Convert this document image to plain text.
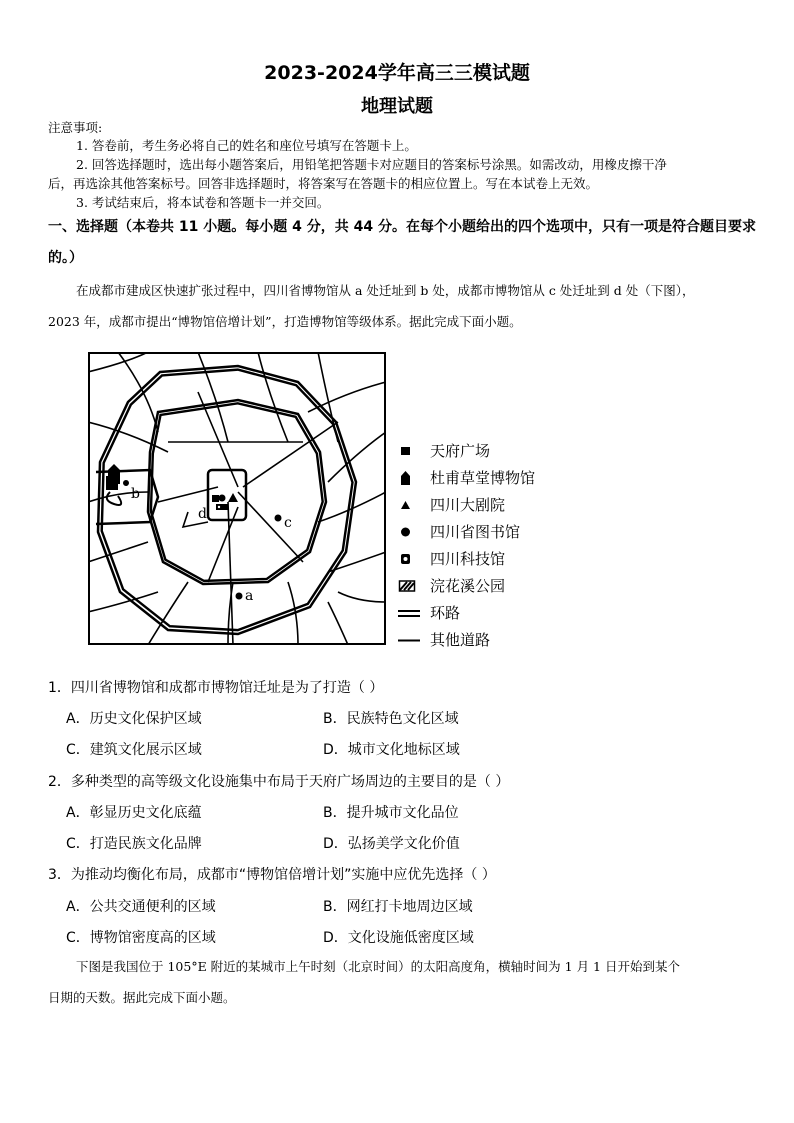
2023-2024学年高三三模试题
地理试题
注意事项:
1. 答卷前，考生务必将自己的姓名和座位号填写在答题卡上。
2. 回答选择题时，选出每小题答案后，用铅笔把答题卡对应题目的答案标号涂黑。如需改动，用橡皮擦干净
后，再选涂其他答案标号。回答非选择题时，将答案写在答题卡的相应位置上。写在本试卷上无效。
3. 考试结束后，将本试卷和答题卡一并交回。
一、选择题（本卷共 11 小题。每小题 4 分，共 44 分。在每个小题给出的四个选项中，只有一项是符合题目要求
的。）
在成都市建成区快速扩张过程中，四川省博物馆从 a 处迁址到 b 处，成都市博物馆从 c 处迁址到 d 处（下图），
2023 年，成都市提出“博物馆倍增计划”，打造博物馆等级体系。据此完成下面小题。
b
d
c
a
天府广场
杜甫草堂博物馆
四川大剧院
四川省图书馆
四川科技馆
浣花溪公园
环路
其他道路
1．四川省博物馆和成都市博物馆迁址是为了打造（ ）
A．历史文化保护区域	B．民族特色文化区域
C．建筑文化展示区域	D．城市文化地标区域
2．多种类型的高等级文化设施集中布局于天府广场周边的主要目的是（ ）
A．彰显历史文化底蕴	B．提升城市文化品位
C．打造民族文化品牌	D．弘扬美学文化价值
3．为推动均衡化布局，成都市“博物馆倍增计划”实施中应优先选择（ ）
A．公共交通便利的区域	B．网红打卡地周边区域
C．博物馆密度高的区域	D．文化设施低密度区域
下图是我国位于 105°E 附近的某城市上午时刻（北京时间）的太阳高度角，横轴时间为 1 月 1 日开始到某个
日期的天数。据此完成下面小题。
